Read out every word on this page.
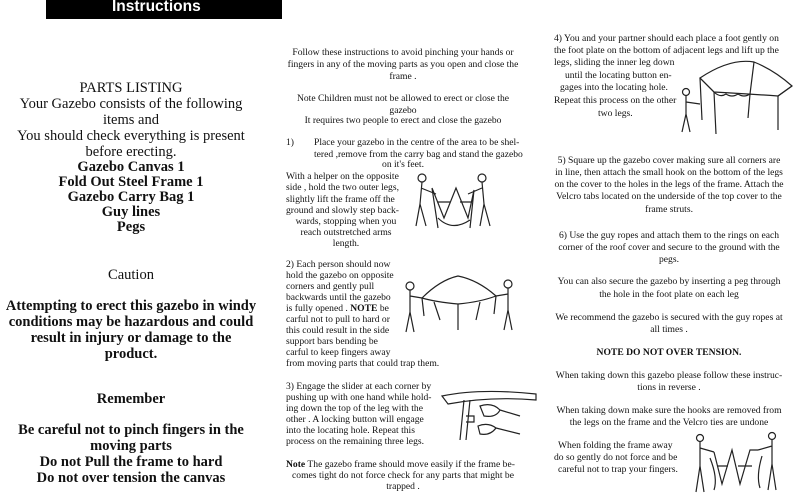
Instructions
PARTS LISTING
Your Gazebo consists of the following
items and
You should check everything is present
before erecting.
Gazebo Canvas 1
Fold Out Steel Frame 1
Gazebo Carry Bag 1
Guy lines
Pegs
Caution
Attempting to erect this gazebo in windy
conditions may be hazardous and could
result in injury or damage to the
product.
Remember
Be careful not to pinch fingers in the
moving parts
Do not Pull the frame to hard
Do not over tension the canvas
Follow these instructions to avoid pinching your hands or
fingers in any of the moving parts as you open and close the
frame .
Note Children must not be allowed to erect or close the
gazebo
It requires two people to erect and close the gazebo
1) Place your gazebo in the centre of the area to be shel-
tered ,remove from the carry bag and stand the gazebo
on it's feet.
With a helper on the opposite
side , hold the two outer legs,
slightly lift the frame off the
ground and slowly step back-
wards, stopping when you
reach outstretched arms
length.
2) Each person should now
hold the gazebo on opposite
corners and gently pull
backwards until the gazebo
is fully opened . NOTE be
carful not to pull to hard or
this could result in the side
support bars bending be
carful to keep fingers away
from moving parts that could trap them.
3) Engage the slider at each corner by
pushing up with one hand while hold-
ing down the top of the leg with the
other . A locking button will engage
into the locating hole. Repeat this
process on the remaining three legs.
Note The gazebo frame should move easily if the frame be-
comes tight do not force check for any parts that might be
trapped .
4) You and your partner should each place a foot gently on
the foot plate on the bottom of adjacent legs and lift up the
legs, sliding the inner leg down
until the locating button en-
gages into the locating hole.
Repeat this process on the other
two legs.
5) Square up the gazebo cover making sure all corners are
in line, then attach the small hook on the bottom of the legs
on the cover to the holes in the legs of the frame. Attach the
Velcro tabs located on the underside of the top cover to the
frame struts.
6) Use the guy ropes and attach them to the rings on each
corner of the roof cover and secure to the ground with the
pegs.
You can also secure the gazebo by inserting a peg through
the hole in the foot plate on each leg
We recommend the gazebo is secured with the guy ropes at
all times .
NOTE DO NOT OVER TENSION.
When taking down this gazebo please follow these instruc-
tions in reverse .
When taking down make sure the hooks are removed from
the legs on the frame and the Velcro ties are undone
When folding the frame away
do so gently do not force and be
careful not to trap your fingers.
